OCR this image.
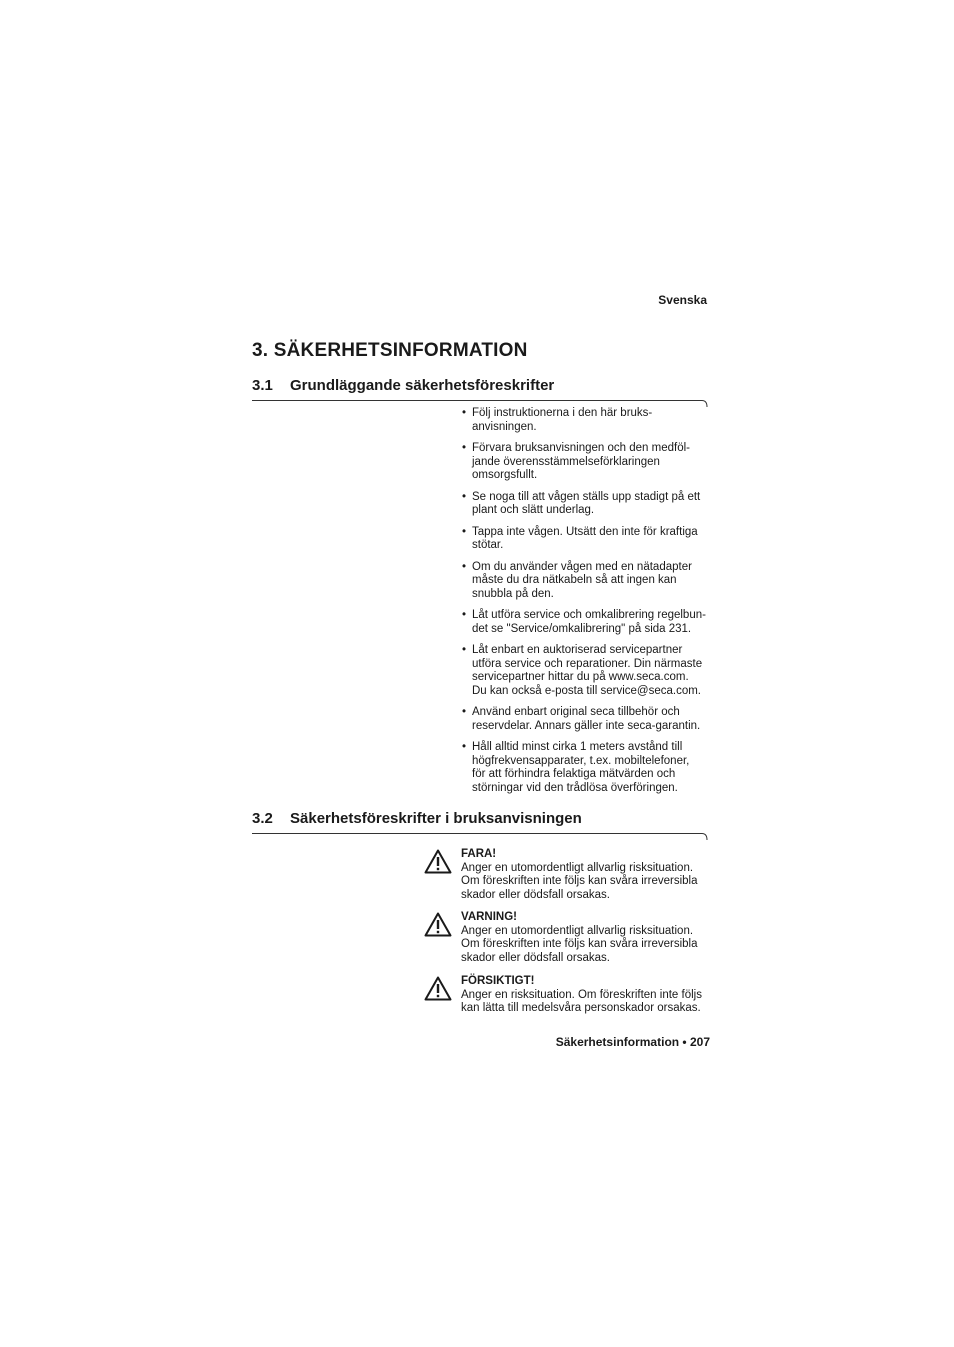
Svenska
3. SÄKERHETSINFORMATION
3.1 Grundläggande säkerhetsföreskrifter
• Följ instruktionerna i den här bruks-
anvisningen.
• Förvara bruksanvisningen och den medföl-
jande överensstämmelseförklaringen
omsorgsfullt.
• Se noga till att vågen ställs upp stadigt på ett
plant och slätt underlag.
• Tappa inte vågen. Utsätt den inte för kraftiga
stötar.
• Om du använder vågen med en nätadapter
måste du dra nätkabeln så att ingen kan
snubbla på den.
• Låt utföra service och omkalibrering regelbun-
det se "Service/omkalibrering" på sida 231.
• Låt enbart en auktoriserad servicepartner
utföra service och reparationer. Din närmaste
servicepartner hittar du på www.seca.com.
Du kan också e-posta till service@seca.com.
• Använd enbart original seca tillbehör och
reservdelar. Annars gäller inte seca-garantin.
• Håll alltid minst cirka 1 meters avstånd till
högfrekvensapparater, t.ex. mobiltelefoner,
för att förhindra felaktiga mätvärden och
störningar vid den trådlösa överföringen.
3.2 Säkerhetsföreskrifter i bruksanvisningen
FARA!
Anger en utomordentligt allvarlig risksituation.
Om föreskriften inte följs kan svåra irreversibla
skador eller dödsfall orsakas.
VARNING!
Anger en utomordentligt allvarlig risksituation.
Om föreskriften inte följs kan svåra irreversibla
skador eller dödsfall orsakas.
FÖRSIKTIGT!
Anger en risksituation. Om föreskriften inte följs
kan lätta till medelsvåra personskador orsakas.
Säkerhetsinformation • 207
